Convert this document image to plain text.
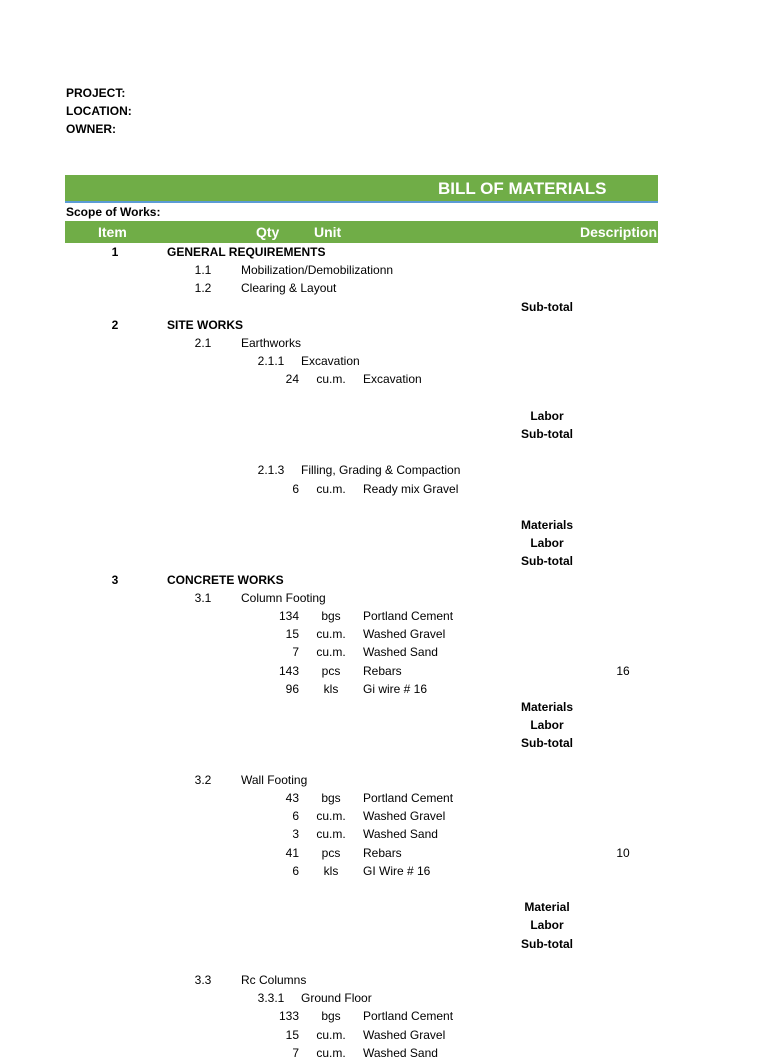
PROJECT:
LOCATION:
OWNER:
BILL OF MATERIALS
Scope of Works:
Item	Qty Unit	Description
1	GENERAL REQUIREMENTS
1.1 Mobilization/Demobilizationn
1.2 Clearing & Layout
Sub-total
2	SITE WORKS
2.1 Earthworks
2.1.1 Excavation
24 cu.m. Excavation
Labor
Sub-total
2.1.3 Filling, Grading & Compaction
6 cu.m. Ready mix Gravel
Materials
Labor
Sub-total
3	CONCRETE WORKS
3.1 Column Footing
134 bgs Portland Cement
15 cu.m. Washed Gravel
7 cu.m. Washed Sand
143 pcs Rebars	16
96 kls Gi wire # 16
Materials
Labor
Sub-total
3.2 Wall Footing
43 bgs Portland Cement
6 cu.m. Washed Gravel
3 cu.m. Washed Sand
41 pcs Rebars	10
6 kls GI Wire # 16
Material
Labor
Sub-total
3.3 Rc Columns
3.3.1 Ground Floor
133 bgs Portland Cement
15 cu.m. Washed Gravel
7 cu.m. Washed Sand
